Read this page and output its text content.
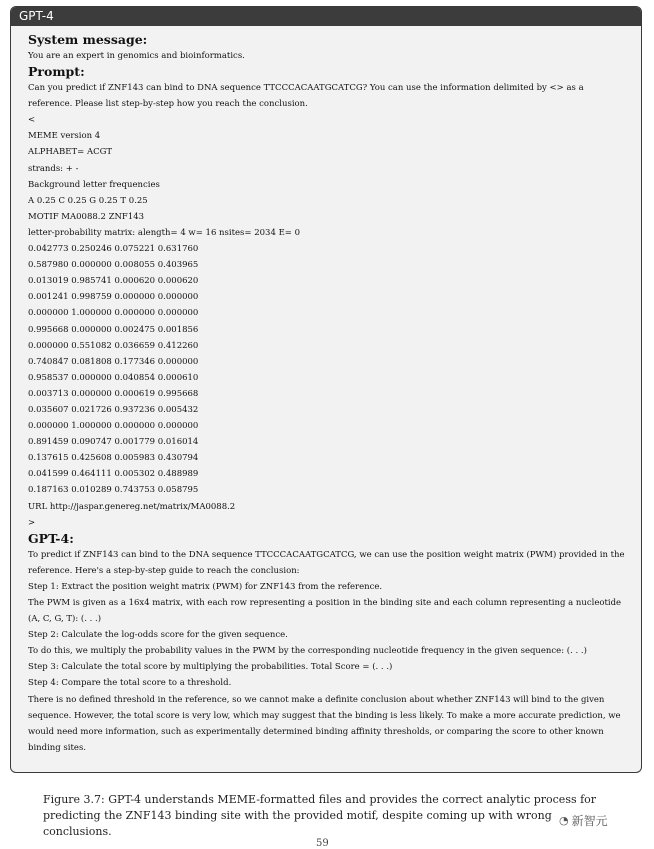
GPT-4
System message:
You are an expert in genomics and bioinformatics.
Prompt:
Can you predict if ZNF143 can bind to DNA sequence TTCCCACAATGCATCG? You can use the information delimited by <> as a reference. Please list step-by-step how you reach the conclusion.
<
MEME version 4
ALPHABET= ACGT
strands: + -
Background letter frequencies
A 0.25 C 0.25 G 0.25 T 0.25
MOTIF MA0088.2 ZNF143
letter-probability matrix: alength= 4 w= 16 nsites= 2034 E= 0
0.042773 0.250246 0.075221 0.631760
0.587980 0.000000 0.008055 0.403965
0.013019 0.985741 0.000620 0.000620
0.001241 0.998759 0.000000 0.000000
0.000000 1.000000 0.000000 0.000000
0.995668 0.000000 0.002475 0.001856
0.000000 0.551082 0.036659 0.412260
0.740847 0.081808 0.177346 0.000000
0.958537 0.000000 0.040854 0.000610
0.003713 0.000000 0.000619 0.995668
0.035607 0.021726 0.937236 0.005432
0.000000 1.000000 0.000000 0.000000
0.891459 0.090747 0.001779 0.016014
0.137615 0.425608 0.005983 0.430794
0.041599 0.464111 0.005302 0.488989
0.187163 0.010289 0.743753 0.058795
URL http://jaspar.genereg.net/matrix/MA0088.2
>
GPT-4:
To predict if ZNF143 can bind to the DNA sequence TTCCCACAATGCATCG, we can use the position weight matrix (PWM) provided in the reference. Here's a step-by-step guide to reach the conclusion:
Step 1: Extract the position weight matrix (PWM) for ZNF143 from the reference.
The PWM is given as a 16x4 matrix, with each row representing a position in the binding site and each column representing a nucleotide (A, C, G, T): (. . .)
Step 2: Calculate the log-odds score for the given sequence.
To do this, we multiply the probability values in the PWM by the corresponding nucleotide frequency in the given sequence: (. . .)
Step 3: Calculate the total score by multiplying the probabilities. Total Score = (. . .)
Step 4: Compare the total score to a threshold.
There is no defined threshold in the reference, so we cannot make a definite conclusion about whether ZNF143 will bind to the given sequence. However, the total score is very low, which may suggest that the binding is less likely. To make a more accurate prediction, we would need more information, such as experimentally determined binding affinity thresholds, or comparing the score to other known binding sites.
Figure 3.7: GPT-4 understands MEME-formatted files and provides the correct analytic process for predicting the ZNF143 binding site with the provided motif, despite coming up with wrong conclusions.
◔ 新智元
59
